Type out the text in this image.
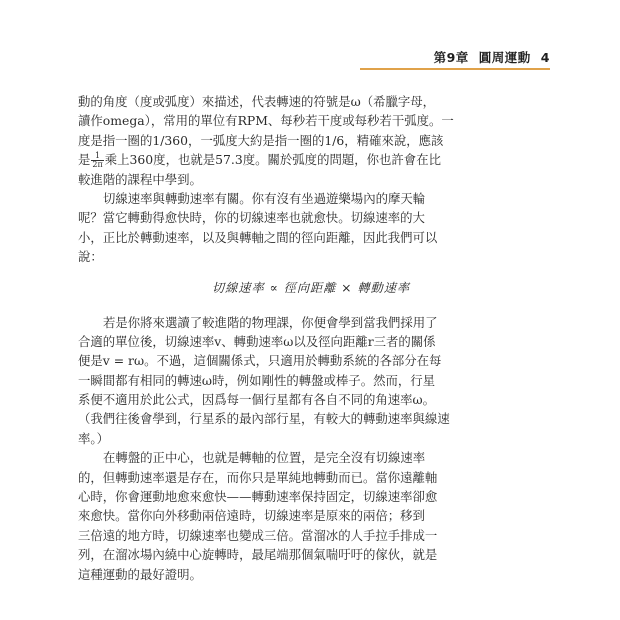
第9章 圓周運動 4
動的角度（度或弧度）來描述，代表轉速的符號是ω（希臘字母，
讀作omega），常用的單位有RPM、每秒若干度或每秒若干弧度。一
度是指一圈的1/360，一弧度大約是指一圈的1/6，精確來說，應該
是 $\frac{1}{2\pi}$ 乘上360度，也就是57.3度。關於弧度的問題，你也許會在比
較進階的課程中學到。
切線速率與轉動速率有關。你有沒有坐過遊樂場內的摩天輪
呢？當它轉動得愈快時，你的切線速率也就愈快。切線速率的大
小，正比於轉動速率，以及與轉軸之間的徑向距離，因此我們可以
說：
切線速率 ∝ 徑向距離 × 轉動速率
若是你將來選讀了較進階的物理課，你便會學到當我們採用了
合適的單位後，切線速率v、轉動速率ω以及徑向距離r三者的關係
便是v = rω。不過，這個關係式，只適用於轉動系統的各部分在每
一瞬間都有相同的轉速ω時，例如剛性的轉盤或棒子。然而，行星
系便不適用於此公式，因爲每一個行星都有各自不同的角速率ω。
（我們往後會學到，行星系的最內部行星，有較大的轉動速率與線速
率。）
在轉盤的正中心，也就是轉軸的位置，是完全沒有切線速率
的，但轉動速率還是存在，而你只是單純地轉動而已。當你遠離軸
心時，你會運動地愈來愈快——轉動速率保持固定，切線速率卻愈
來愈快。當你向外移動兩倍遠時，切線速率是原來的兩倍；移到
三倍遠的地方時，切線速率也變成三倍。當溜冰的人手拉手排成一
列，在溜冰場內繞中心旋轉時，最尾端那個氣喘吁吁的傢伙，就是
這種運動的最好證明。
